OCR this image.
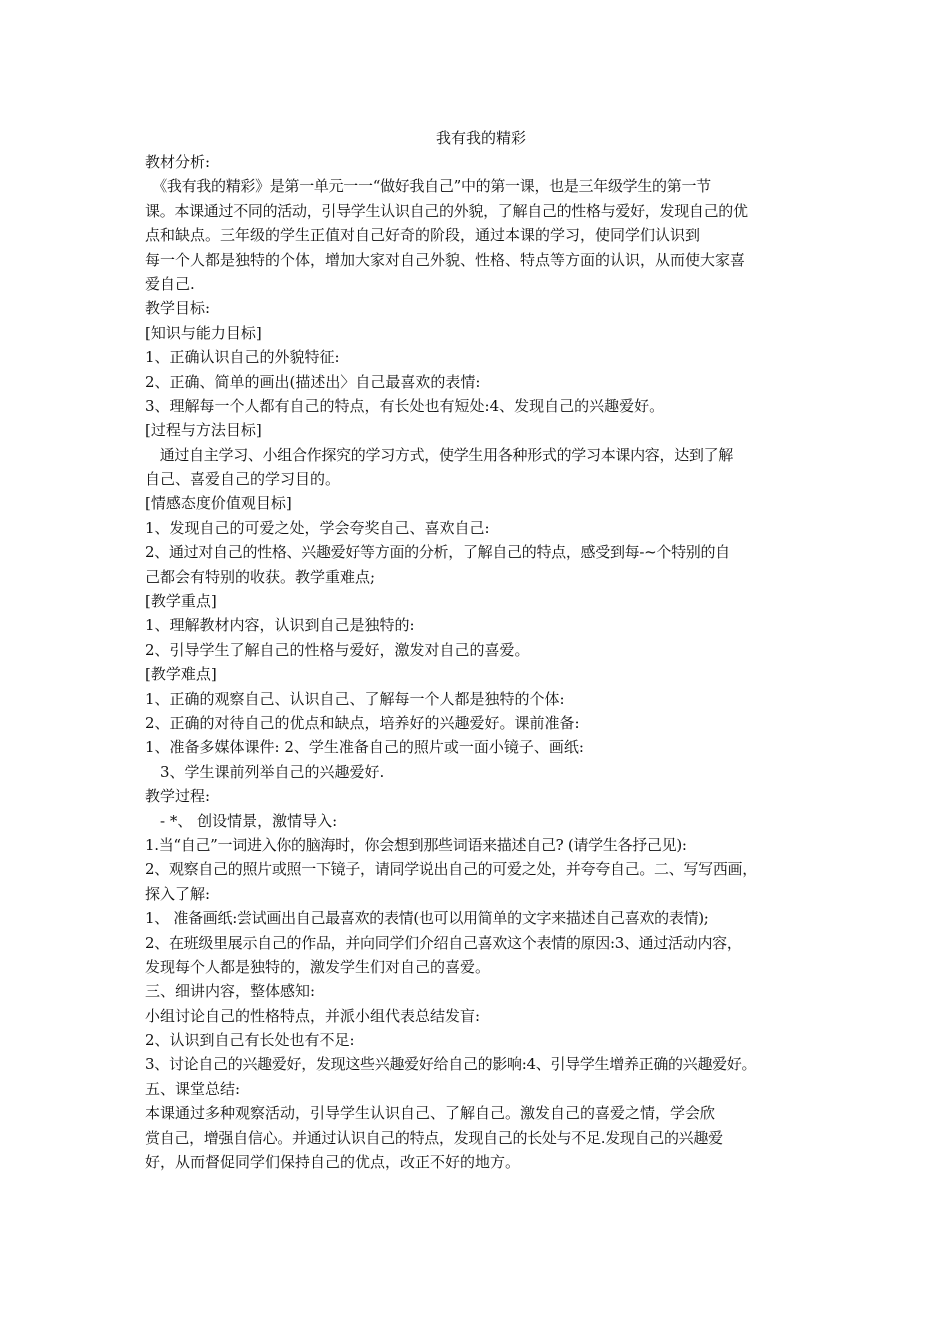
我有我的精彩
教材分析:
　《我有我的精彩》是第一单元一一“做好我自己”中的第一课，也是三年级学生的第一节
课。本课通过不同的活动，引导学生认识自己的外貌，了解自己的性格与爱好，发现自己的优
点和缺点。三年级的学生正值对自己好奇的阶段，通过本课的学习，使同学们认识到
每一个人都是独特的个体，增加大家对自己外貌、性格、特点等方面的认识，从而使大家喜
爱自己.
教学目标:
[知识与能力目标]
1、正确认识自己的外貌特征:
2、正确、简单的画出(描述出〉自己最喜欢的表情:
3、理解每一个人都有自己的特点，有长处也有短处:4、发现自己的兴趣爱好。
[过程与方法目标]
　通过自主学习、小组合作探究的学习方式，使学生用各种形式的学习本课内容，达到了解
自己、喜爱自己的学习目的。
[情感态度价值观目标]
1、发现自己的可爱之处，学会夸奖自己、喜欢自己:
2、通过对自己的性格、兴趣爱好等方面的分析，了解自己的特点，感受到每-~个特别的自
己都会有特别的收获。教学重难点;
[教学重点]
1、理解教材内容，认识到自己是独特的:
2、引导学生了解自己的性格与爱好，激发对自己的喜爱。
[教学难点]
1、正确的观察自己、认识自己、了解每一个人都是独特的个体:
2、正确的对待自己的优点和缺点，培养好的兴趣爱好。课前准备:
1、准备多媒体课件: 2、学生准备自己的照片或一面小镜子、画纸:
　3、学生课前列举自己的兴趣爱好.
教学过程:
　- *、 创设情景，激情导入:
1.当“自己”一词进入你的脑海时，你会想到那些词语来描述自己? (请学生各抒己见):
2、观察自己的照片或照一下镜子，请同学说出自己的可爱之处，并夸夸自己。二、写写西画，
探入了解:
1、 准备画纸:尝试画出自己最喜欢的表情(也可以用简单的文字来描述自己喜欢的表情);
2、在班级里展示自己的作品，并向同学们介绍自己喜欢这个表情的原因:3、通过活动内容，
发现每个人都是独特的，激发学生们对自己的喜爱。
三、细讲内容，整体感知:
小组讨论自己的性格特点，并派小组代表总结发盲:
2、认识到自己有长处也有不足:
3、讨论自己的兴趣爱好，发现这些兴趣爱好给自己的影响:4、引导学生增养正确的兴趣爱好。
五、课堂总结:
本课通过多种观察活动，引导学生认识自己、了解自己。激发自己的喜爱之情，学会欣
赏自己，增强自信心。并通过认识自己的特点，发现自己的长处与不足.发现自己的兴趣爱
好，从而督促同学们保持自己的优点，改正不好的地方。
